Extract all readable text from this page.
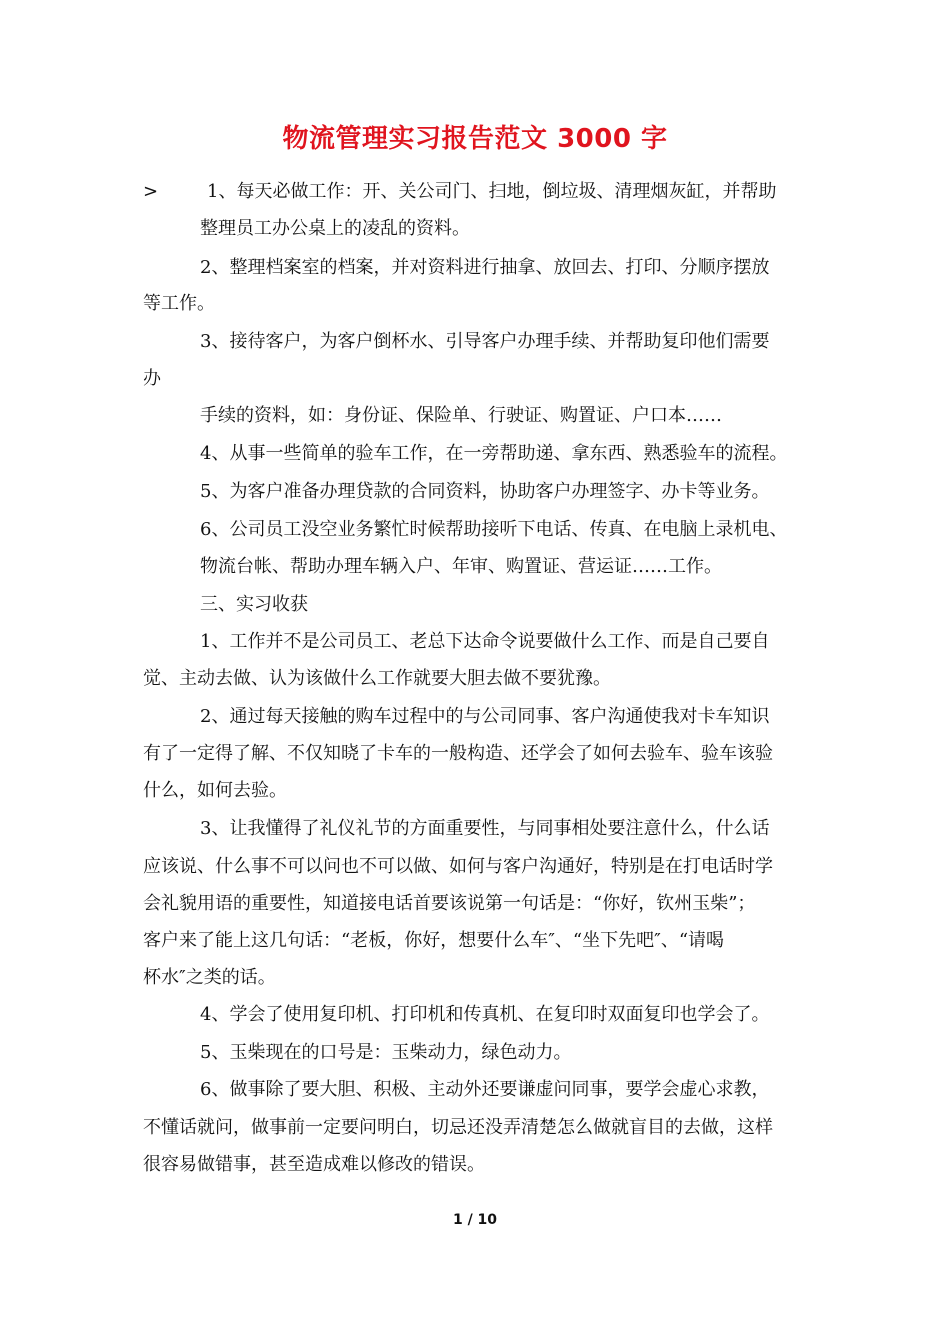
物流管理实习报告范文 3000 字
>	1、每天必做工作：开、关公司门、扫地，倒垃圾、清理烟灰缸，并帮助
整理员工办公桌上的凌乱的资料。
2、整理档案室的档案，并对资料进行抽拿、放回去、打印、分顺序摆放
等工作。
3、接待客户，为客户倒杯水、引导客户办理手续、并帮助复印他们需要
办
手续的资料，如：身份证、保险单、行驶证、购置证、户口本……
4、从事一些简单的验车工作，在一旁帮助递、拿东西、熟悉验车的流程。
5、为客户准备办理贷款的合同资料，协助客户办理签字、办卡等业务。
6、公司员工没空业务繁忙时候帮助接听下电话、传真、在电脑上录机电、
物流台帐、帮助办理车辆入户、年审、购置证、营运证……工作。
三、实习收获
1、工作并不是公司员工、老总下达命令说要做什么工作、而是自己要自
觉、主动去做、认为该做什么工作就要大胆去做不要犹豫。
2、通过每天接触的购车过程中的与公司同事、客户沟通使我对卡车知识
有了一定得了解、不仅知晓了卡车的一般构造、还学会了如何去验车、验车该验
什么，如何去验。
3、让我懂得了礼仪礼节的方面重要性，与同事相处要注意什么，什么话
应该说、什么事不可以问也不可以做、如何与客户沟通好，特别是在打电话时学
会礼貌用语的重要性，知道接电话首要该说第一句话是：“你好，钦州玉柴”；
客户来了能上这几句话：“老板，你好，想要什么车″、“坐下先吧″、“请喝
杯水″之类的话。
4、学会了使用复印机、打印机和传真机、在复印时双面复印也学会了。
5、玉柴现在的口号是：玉柴动力，绿色动力。
6、做事除了要大胆、积极、主动外还要谦虚问同事，要学会虚心求教，
不懂话就问，做事前一定要问明白，切忌还没弄清楚怎么做就盲目的去做，这样
很容易做错事，甚至造成难以修改的错误。
1 / 10
